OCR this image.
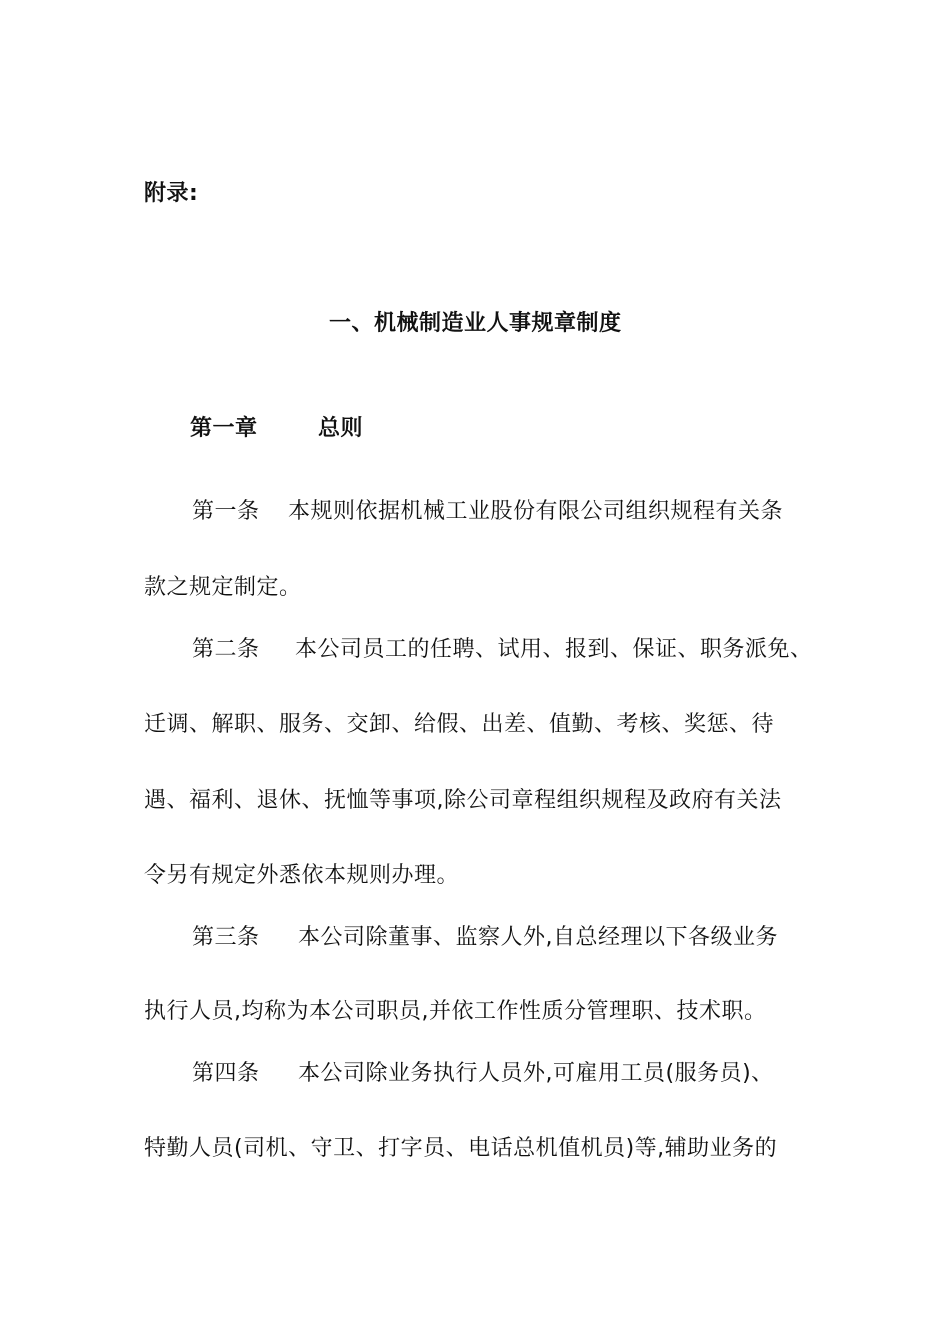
附录:
一、机械制造业人事规章制度
第一章	总则
第一条 本规则依据机械工业股份有限公司组织规程有关条
款之规定制定。
第二条 本公司员工的任聘、试用、报到、保证、职务派免、
迁调、解职、服务、交卸、给假、出差、值勤、考核、奖惩、待
遇、福利、退休、抚恤等事项,除公司章程组织规程及政府有关法
令另有规定外悉依本规则办理。
第三条 本公司除董事、监察人外,自总经理以下各级业务
执行人员,均称为本公司职员,并依工作性质分管理职、技术职。
第四条 本公司除业务执行人员外,可雇用工员(服务员)、
特勤人员(司机、守卫、打字员、电话总机值机员)等,辅助业务的
